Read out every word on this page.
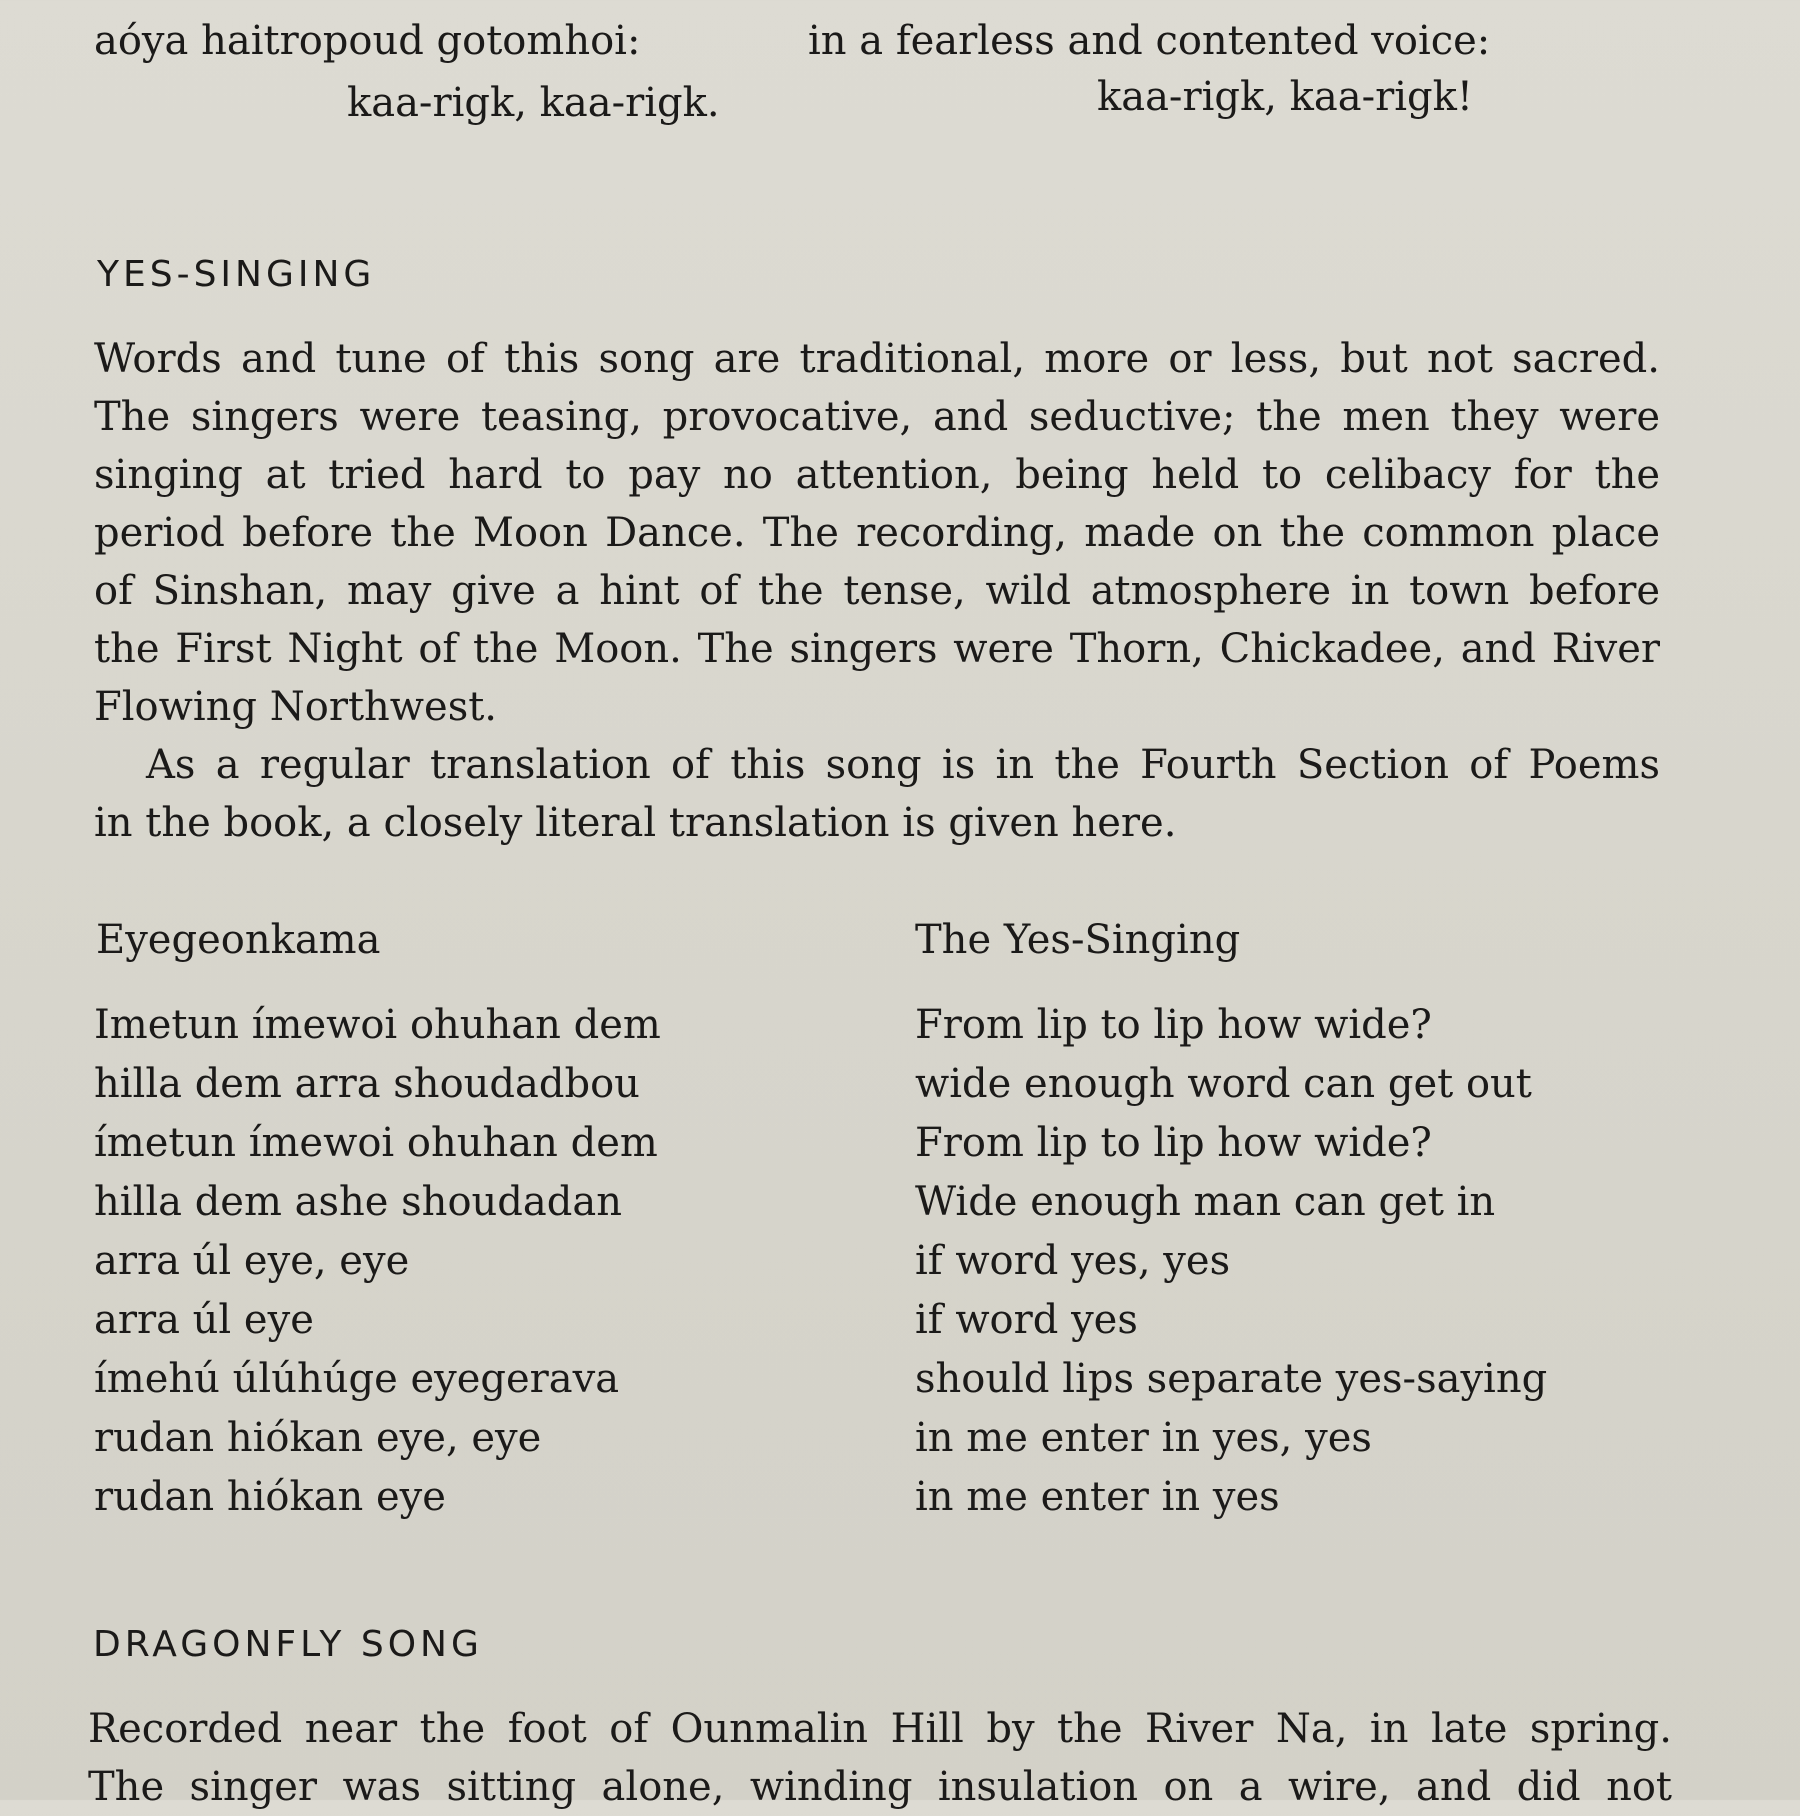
aóya haitropoud gotomhoi:
kaa-rigk, kaa-rigk.
in a fearless and contented voice:
kaa-rigk, kaa-rigk!
YES-SINGING
Words and tune of this song are traditional, more or less, but not sacred.
The singers were teasing, provocative, and seductive; the men they were
singing at tried hard to pay no attention, being held to celibacy for the
period before the Moon Dance. The recording, made on the common place
of Sinshan, may give a hint of the tense, wild atmosphere in town before
the First Night of the Moon. The singers were Thorn, Chickadee, and River
Flowing Northwest.
As a regular translation of this song is in the Fourth Section of Poems
in the book, a closely literal translation is given here.
Eyegeonkama	The Yes-Singing
Imetun ímewoi ohuhan dem
hilla dem arra shoudadbou
ímetun ímewoi ohuhan dem
hilla dem ashe shoudadan
arra úl eye, eye
arra úl eye
ímehú úlúhúge eyegerava
rudan hiókan eye, eye
rudan hiókan eye
From lip to lip how wide?
wide enough word can get out
From lip to lip how wide?
Wide enough man can get in
if word yes, yes
if word yes
should lips separate yes-saying
in me enter in yes, yes
in me enter in yes
DRAGONFLY SONG
Recorded near the foot of Ounmalin Hill by the River Na, in late spring.
The singer was sitting alone, winding insulation on a wire, and did not
